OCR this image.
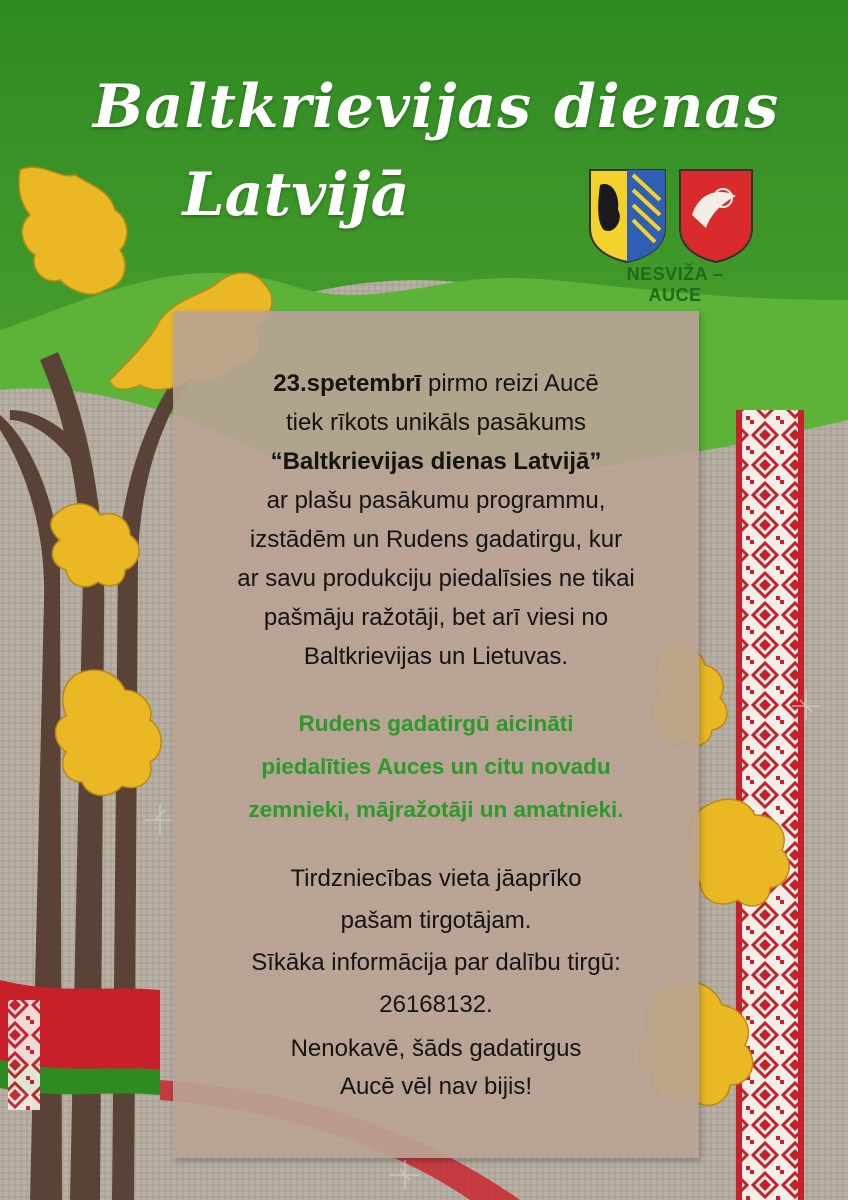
Baltkrievijas dienas
Latvijā
NESVIŽA – AUCE
23.spetembrī pirmo reizi Aucē
tiek rīkots unikāls pasākums
“Baltkrievijas dienas Latvijā”
ar plašu pasākumu programmu,
izstādēm un Rudens gadatirgu, kur
ar savu produkciju piedalīsies ne tikai
pašmāju ražotāji, bet arī viesi no
Baltkrievijas un Lietuvas.
Rudens gadatirgū aicināti
piedalīties Auces un citu novadu
zemnieki, mājražotāji un amatnieki.
Tirdzniecības vieta jāaprīko
pašam tirgotājam.
Sīkāka informācija par dalību tirgū:
26168132.
Nenokavē, šāds gadatirgus
Aucē vēl nav bijis!
